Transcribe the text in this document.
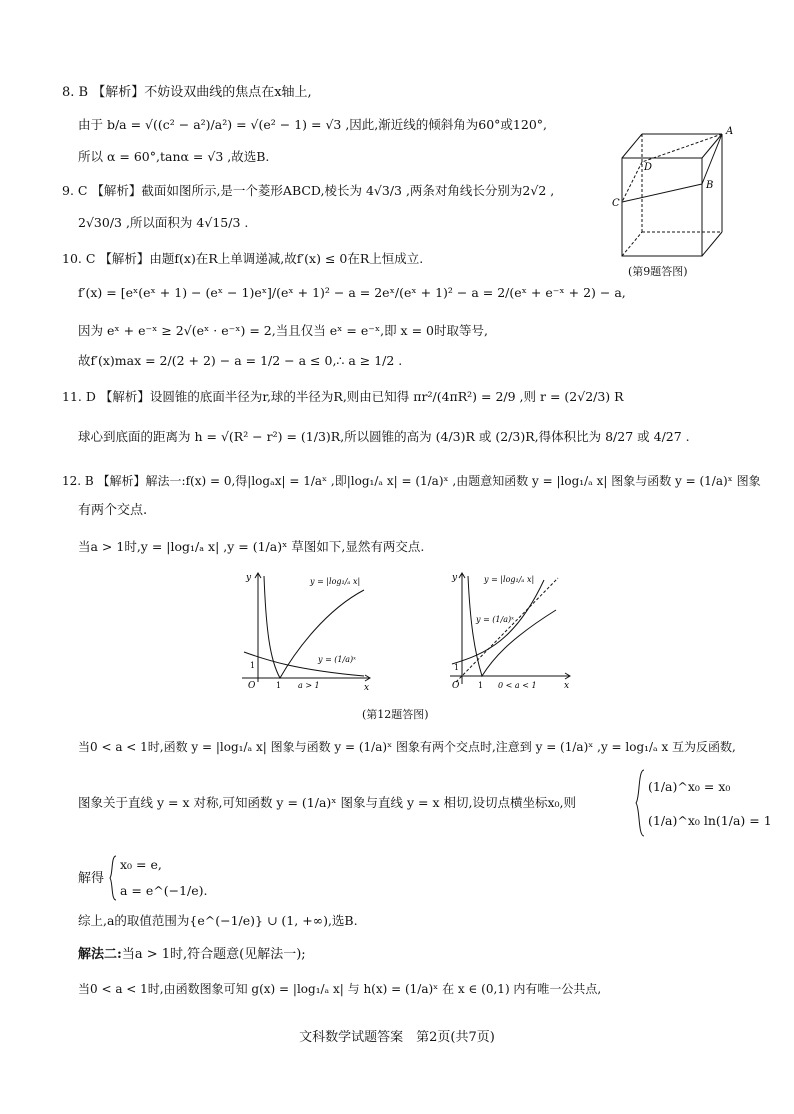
8. B 【解析】不妨设双曲线的焦点在x轴上,
由于 b/a = √((c² − a²)/a²) = √(e² − 1) = √3 ,因此,渐近线的倾斜角为60°或120°,
所以 α = 60°,tanα = √3 ,故选B.
9. C 【解析】截面如图所示,是一个菱形ABCD,棱长为 4√3/3 ,两条对角线长分别为2√2 ,
2√30/3 ,所以面积为 4√15/3 .
A
D
B
C
(第9题答图)
10. C 【解析】由题f(x)在R上单调递减,故f′(x) ≤ 0在R上恒成立.
f′(x) = [eˣ(eˣ + 1) − (eˣ − 1)eˣ]/(eˣ + 1)² − a = 2eˣ/(eˣ + 1)² − a = 2/(eˣ + e⁻ˣ + 2) − a,
因为 eˣ + e⁻ˣ ≥ 2√(eˣ · e⁻ˣ) = 2,当且仅当 eˣ = e⁻ˣ,即 x = 0时取等号,
故f′(x)max = 2/(2 + 2) − a = 1/2 − a ≤ 0,∴ a ≥ 1/2 .
11. D 【解析】设圆锥的底面半径为r,球的半径为R,则由已知得 πr²/(4πR²) = 2/9 ,则 r = (2√2/3) R
球心到底面的距离为 h = √(R² − r²) = (1/3)R,所以圆锥的高为 (4/3)R 或 (2/3)R,得体积比为 8/27 或 4/27 .
12. B 【解析】解法一:f(x) = 0,得|logₐx| = 1/aˣ ,即|log₁/ₐ x| = (1/a)ˣ ,由题意知函数 y = |log₁/ₐ x| 图象与函数 y = (1/a)ˣ 图象
有两个交点.
当a > 1时,y = |log₁/ₐ x| ,y = (1/a)ˣ 草图如下,显然有两交点.
y
x
O
1
1 a > 1
y = |log₁/ₐ x|
y = (1/a)ˣ
y
x
O
1
1 0 < a < 1
y = |log₁/ₐ x|
y = (1/a)ˣ
(第12题答图)
当0 < a < 1时,函数 y = |log₁/ₐ x| 图象与函数 y = (1/a)ˣ 图象有两个交点时,注意到 y = (1/a)ˣ ,y = log₁/ₐ x 互为反函数,
图象关于直线 y = x 对称,可知函数 y = (1/a)ˣ 图象与直线 y = x 相切,设切点横坐标x₀,则
(1/a)^x₀ = x₀
(1/a)^x₀ ln(1/a) = 1
解得
x₀ = e,
a = e^(−1/e).
综上,a的取值范围为{e^(−1/e)} ∪ (1, +∞),选B.
解法二:当a > 1时,符合题意(见解法一);
当0 < a < 1时,由函数图象可知 g(x) = |log₁/ₐ x| 与 h(x) = (1/a)ˣ 在 x ∈ (0,1) 内有唯一公共点,
文科数学试题答案　第2页(共7页)
